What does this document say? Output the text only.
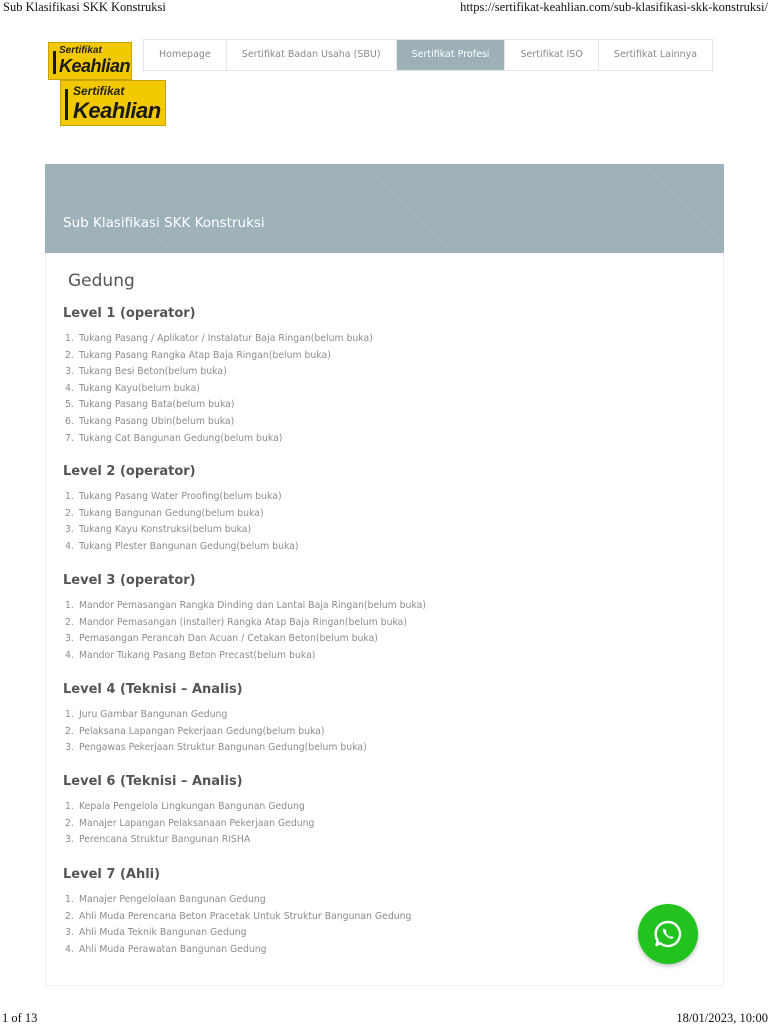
Sub Klasifikasi SKK Konstruksi	https://sertifikat-keahlian.com/sub-klasifikasi-skk-konstruksi/
Sertifikat
Keahlian
Homepage	Sertifikat Badan Usaha (SBU)	Sertifikat Profesi	Sertifikat ISO	Sertifikat Lainnya
Sertifikat
Keahlian
Sub Klasifikasi SKK Konstruksi
Gedung
Level 1 (operator)
1. Tukang Pasang / Aplikator / Instalatur Baja Ringan(belum buka)
2. Tukang Pasang Rangka Atap Baja Ringan(belum buka)
3. Tukang Besi Beton(belum buka)
4. Tukang Kayu(belum buka)
5. Tukang Pasang Bata(belum buka)
6. Tukang Pasang Ubin(belum buka)
7. Tukang Cat Bangunan Gedung(belum buka)
Level 2 (operator)
1. Tukang Pasang Water Proofing(belum buka)
2. Tukang Bangunan Gedung(belum buka)
3. Tukang Kayu Konstruksi(belum buka)
4. Tukang Plester Bangunan Gedung(belum buka)
Level 3 (operator)
1. Mandor Pemasangan Rangka Dinding dan Lantai Baja Ringan(belum buka)
2. Mandor Pemasangan (installer) Rangka Atap Baja Ringan(belum buka)
3. Pemasangan Perancah Dan Acuan / Cetakan Beton(belum buka)
4. Mandor Tukang Pasang Beton Precast(belum buka)
Level 4 (Teknisi – Analis)
1. Juru Gambar Bangunan Gedung
2. Pelaksana Lapangan Pekerjaan Gedung(belum buka)
3. Pengawas Pekerjaan Struktur Bangunan Gedung(belum buka)
Level 6 (Teknisi – Analis)
1. Kepala Pengelola Lingkungan Bangunan Gedung
2. Manajer Lapangan Pelaksanaan Pekerjaan Gedung
3. Perencana Struktur Bangunan RISHA
Level 7 (Ahli)
1. Manajer Pengelolaan Bangunan Gedung
2. Ahli Muda Perencana Beton Pracetak Untuk Struktur Bangunan Gedung
3. Ahli Muda Teknik Bangunan Gedung
4. Ahli Muda Perawatan Bangunan Gedung
1 of 13	18/01/2023, 10:00
